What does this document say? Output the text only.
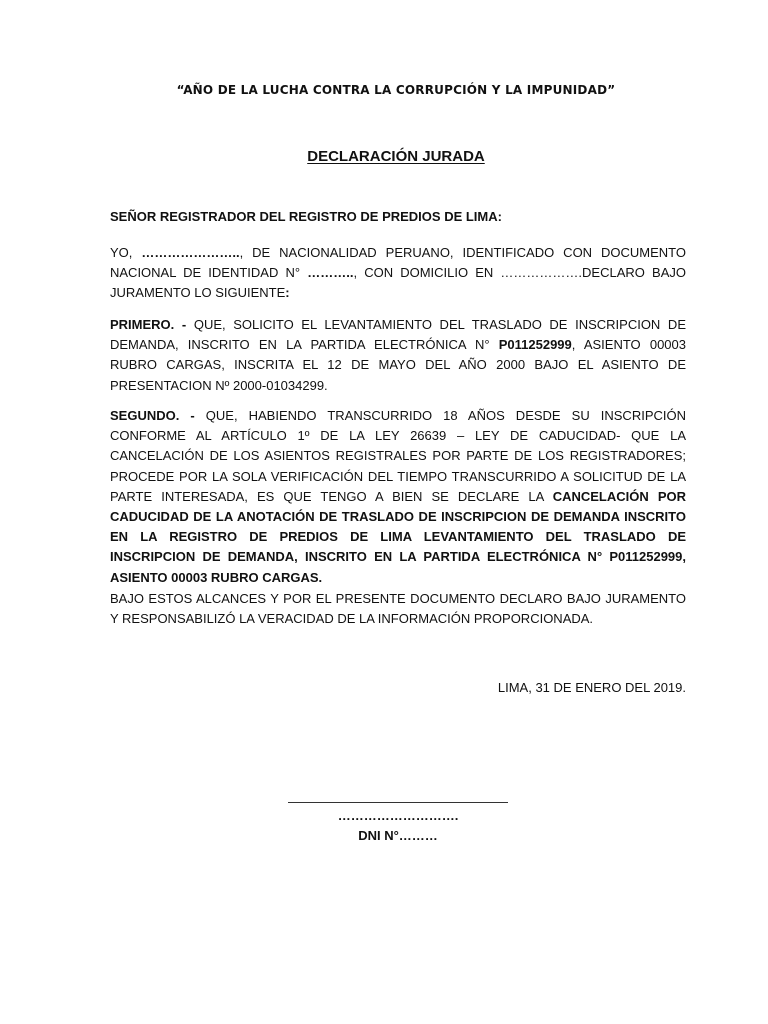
“AÑO DE LA LUCHA CONTRA LA CORRUPCIÓN Y LA IMPUNIDAD”
DECLARACIÓN JURADA
SEÑOR REGISTRADOR DEL REGISTRO DE PREDIOS DE LIMA:
YO, ………………….., DE NACIONALIDAD PERUANO, IDENTIFICADO CON DOCUMENTO NACIONAL DE IDENTIDAD N° ……….., CON DOMICILIO EN ……………….DECLARO BAJO JURAMENTO LO SIGUIENTE:
PRIMERO. - QUE, SOLICITO EL LEVANTAMIENTO DEL TRASLADO DE INSCRIPCION DE DEMANDA, INSCRITO EN LA PARTIDA ELECTRÓNICA N° P011252999, ASIENTO 00003 RUBRO CARGAS, INSCRITA EL 12 DE MAYO DEL AÑO 2000 BAJO EL ASIENTO DE PRESENTACION Nº 2000-01034299.
SEGUNDO. - QUE, HABIENDO TRANSCURRIDO 18 AÑOS DESDE SU INSCRIPCIÓN CONFORME AL ARTÍCULO 1º DE LA LEY 26639 – LEY DE CADUCIDAD- QUE LA CANCELACIÓN DE LOS ASIENTOS REGISTRALES POR PARTE DE LOS REGISTRADORES; PROCEDE POR LA SOLA VERIFICACIÓN DEL TIEMPO TRANSCURRIDO A SOLICITUD DE LA PARTE INTERESADA, ES QUE TENGO A BIEN SE DECLARE LA CANCELACIÓN POR CADUCIDAD DE LA ANOTACIÓN DE TRASLADO DE INSCRIPCION DE DEMANDA INSCRITO EN LA REGISTRO DE PREDIOS DE LIMA LEVANTAMIENTO DEL TRASLADO DE INSCRIPCION DE DEMANDA, INSCRITO EN LA PARTIDA ELECTRÓNICA N° P011252999, ASIENTO 00003 RUBRO CARGAS.
BAJO ESTOS ALCANCES Y POR EL PRESENTE DOCUMENTO DECLARO BAJO JURAMENTO Y RESPONSABILIZÓ LA VERACIDAD DE LA INFORMACIÓN PROPORCIONADA.
LIMA, 31 DE ENERO DEL 2019.
……………………….
DNI N°………
